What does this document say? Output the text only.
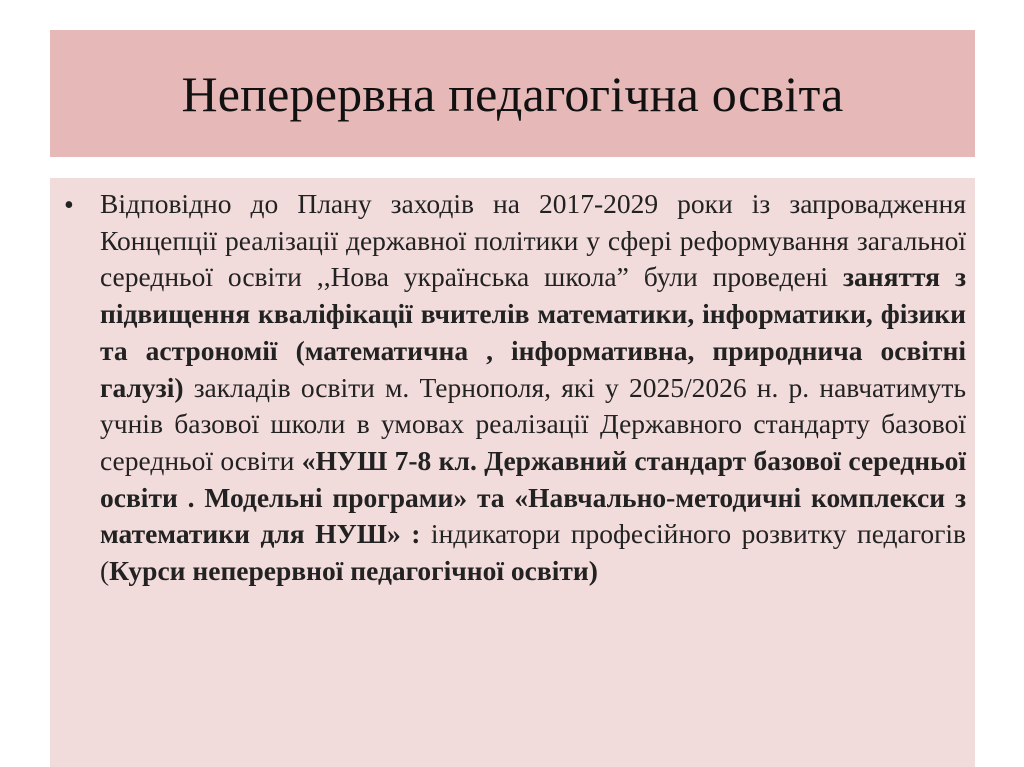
Неперервна педагогічна освіта
• Відповідно до Плану заходів на 2017-2029 роки із запровадження Концепції реалізації державної політики у сфері реформування загальної середньої освіти ,,Нова українська школа” були проведені заняття з підвищення кваліфікації вчителів математики, інформатики, фізики та астрономії (математична , інформативна, природнича освітні галузі) закладів освіти м. Тернополя, які у 2025/2026 н. р. навчатимуть учнів базової школи в умовах реалізації Державного стандарту базової середньої освіти «НУШ 7-8 кл. Державний стандарт базової середньої освіти . Модельні програми» та «Навчально-методичні комплекси з математики для НУШ» : індикатори професійного розвитку педагогів (Курси неперервної педагогічної освіти)
